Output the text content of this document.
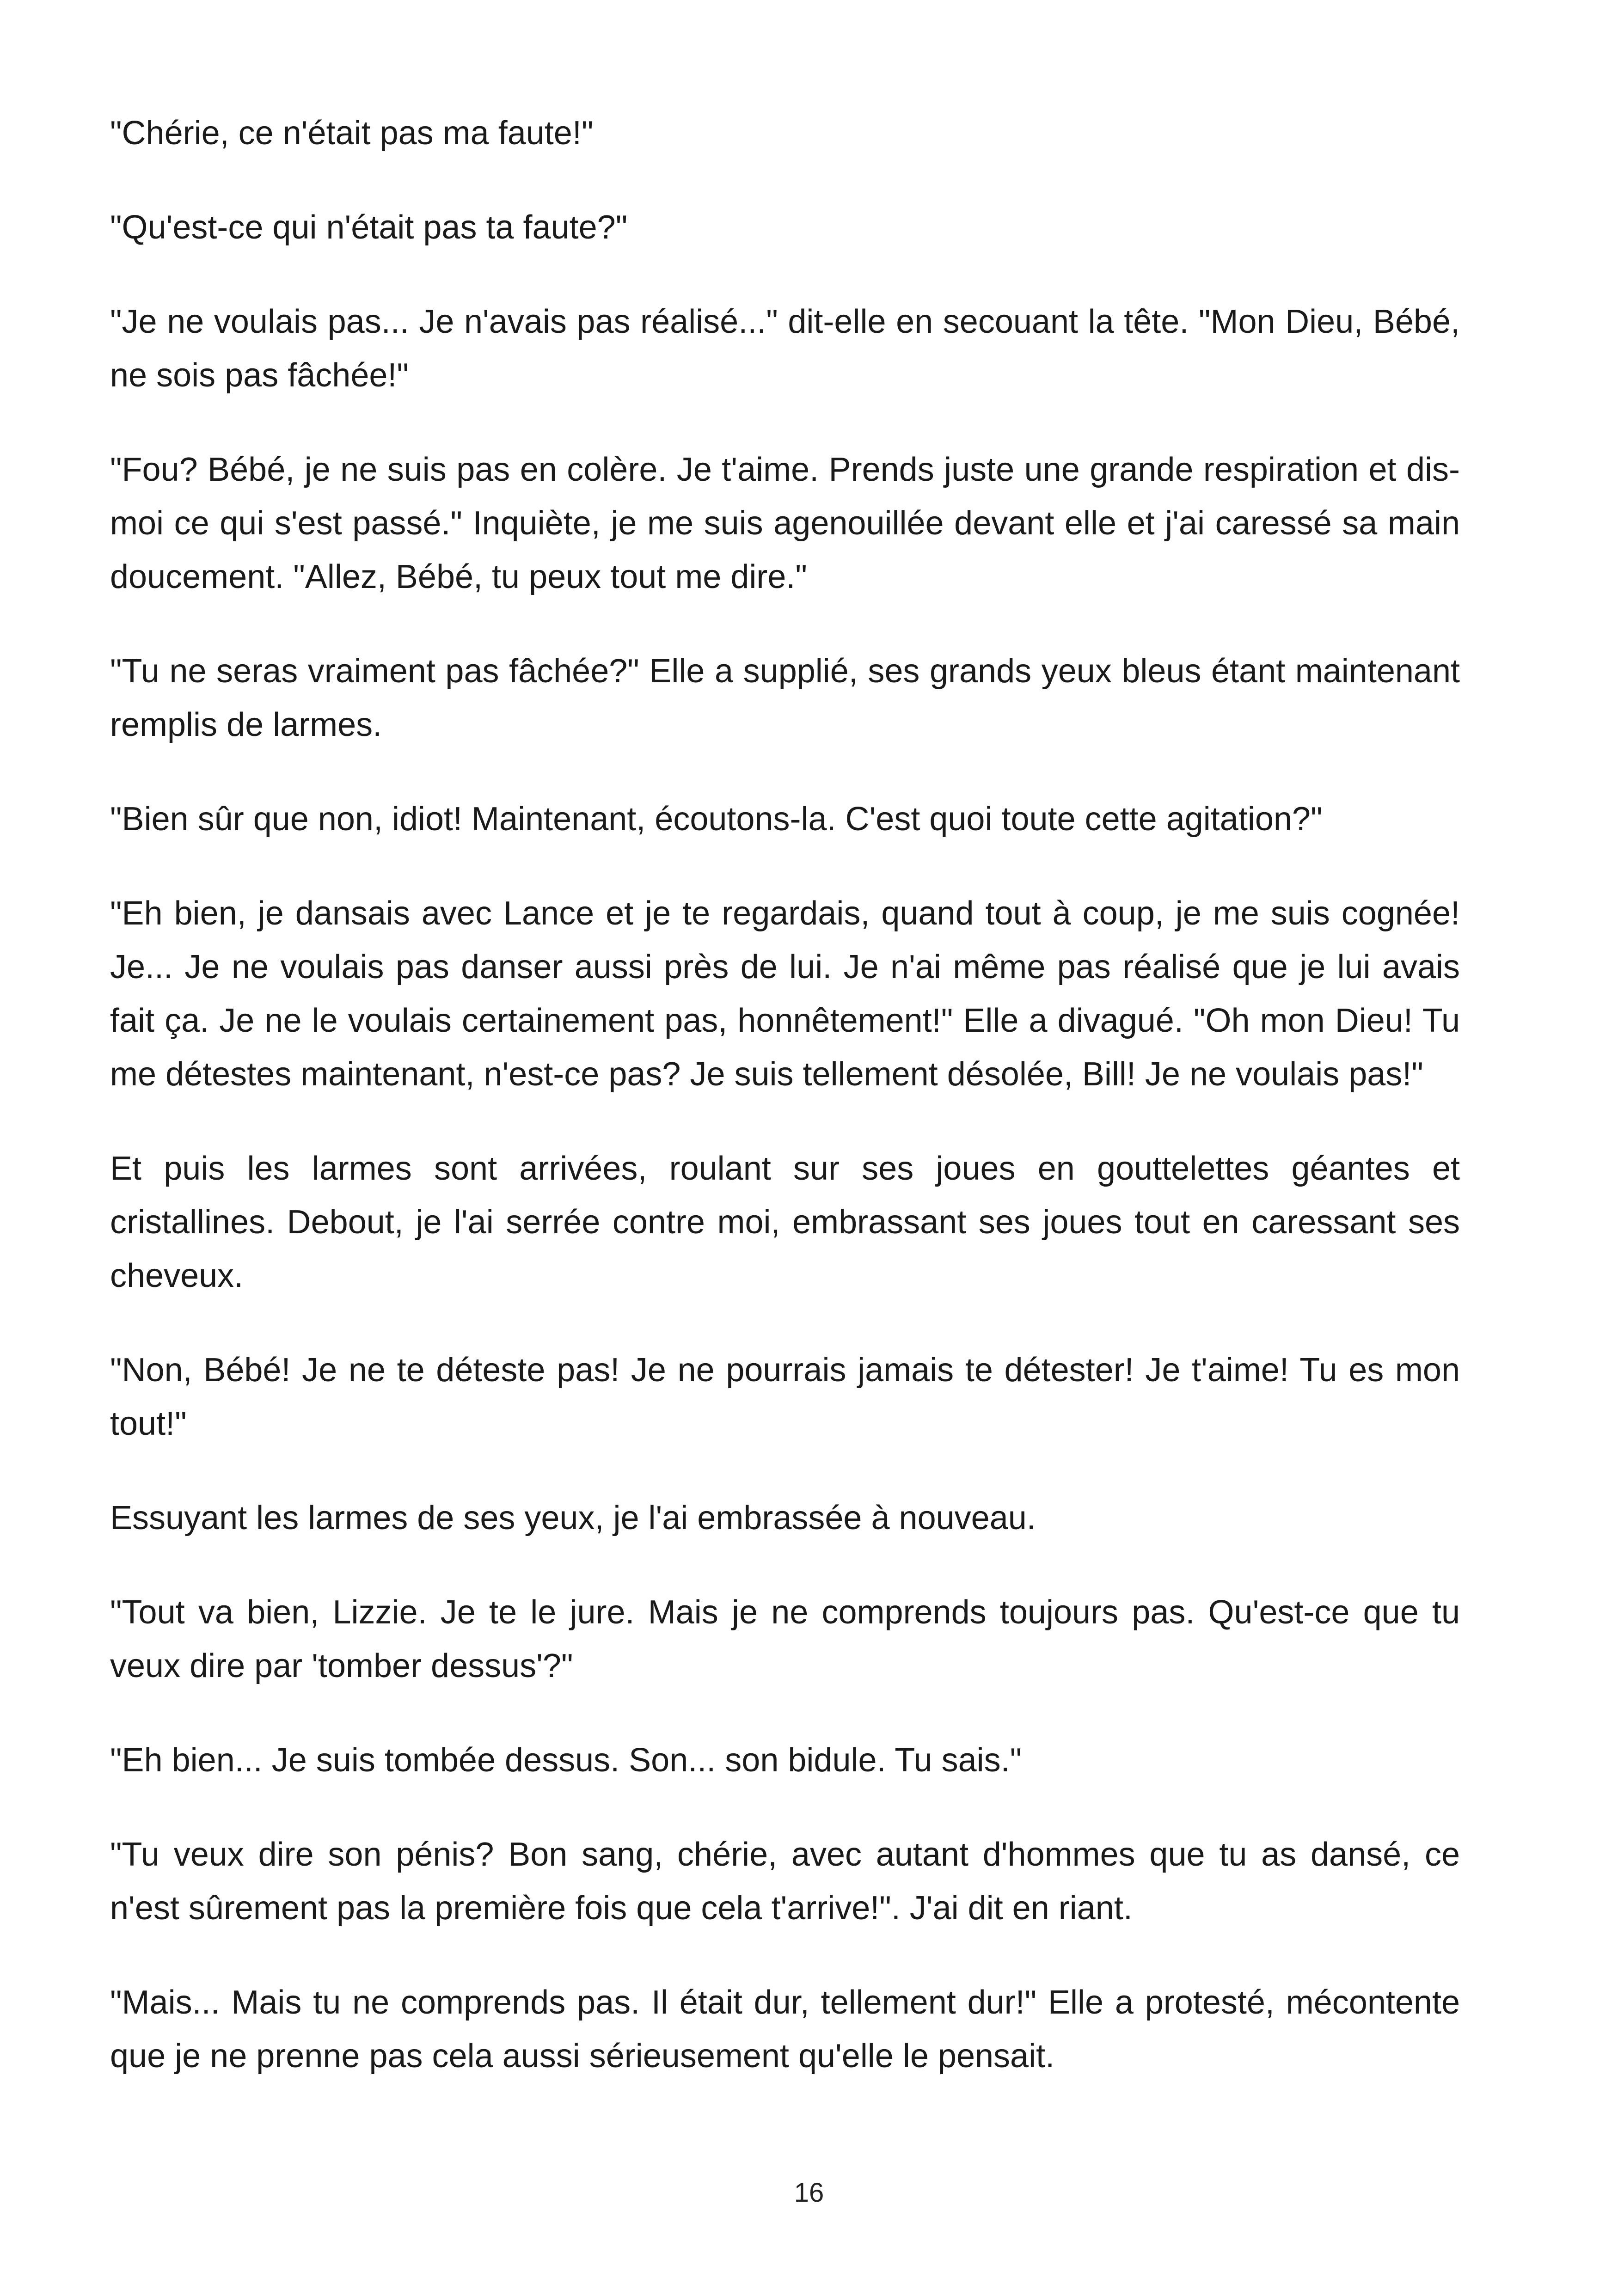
"Chérie, ce n'était pas ma faute!"

"Qu'est-ce qui n'était pas ta faute?"

"Je ne voulais pas... Je n'avais pas réalisé..." dit-elle en secouant la tête. "Mon Dieu, Bébé, ne sois pas fâchée!"

"Fou? Bébé, je ne suis pas en colère. Je t'aime. Prends juste une grande respiration et dis-moi ce qui s'est passé." Inquiète, je me suis agenouillée devant elle et j'ai caressé sa main doucement. "Allez, Bébé, tu peux tout me dire."

"Tu ne seras vraiment pas fâchée?" Elle a supplié, ses grands yeux bleus étant maintenant remplis de larmes.

"Bien sûr que non, idiot! Maintenant, écoutons-la. C'est quoi toute cette agitation?"

"Eh bien, je dansais avec Lance et je te regardais, quand tout à coup, je me suis cognée! Je... Je ne voulais pas danser aussi près de lui. Je n'ai même pas réalisé que je lui avais fait ça. Je ne le voulais certainement pas, honnêtement!" Elle a divagué. "Oh mon Dieu! Tu me détestes maintenant, n'est-ce pas? Je suis tellement désolée, Bill! Je ne voulais pas!"

Et puis les larmes sont arrivées, roulant sur ses joues en gouttelettes géantes et cristallines. Debout, je l'ai serrée contre moi, embrassant ses joues tout en caressant ses cheveux.

"Non, Bébé! Je ne te déteste pas! Je ne pourrais jamais te détester! Je t'aime! Tu es mon tout!"

Essuyant les larmes de ses yeux, je l'ai embrassée à nouveau.

"Tout va bien, Lizzie. Je te le jure. Mais je ne comprends toujours pas. Qu'est-ce que tu veux dire par 'tomber dessus'?"

"Eh bien... Je suis tombée dessus. Son... son bidule. Tu sais."

"Tu veux dire son pénis? Bon sang, chérie, avec autant d'hommes que tu as dansé, ce n'est sûrement pas la première fois que cela t'arrive!". J'ai dit en riant.

"Mais... Mais tu ne comprends pas. Il était dur, tellement dur!" Elle a protesté, mécontente que je ne prenne pas cela aussi sérieusement qu'elle le pensait.

16
